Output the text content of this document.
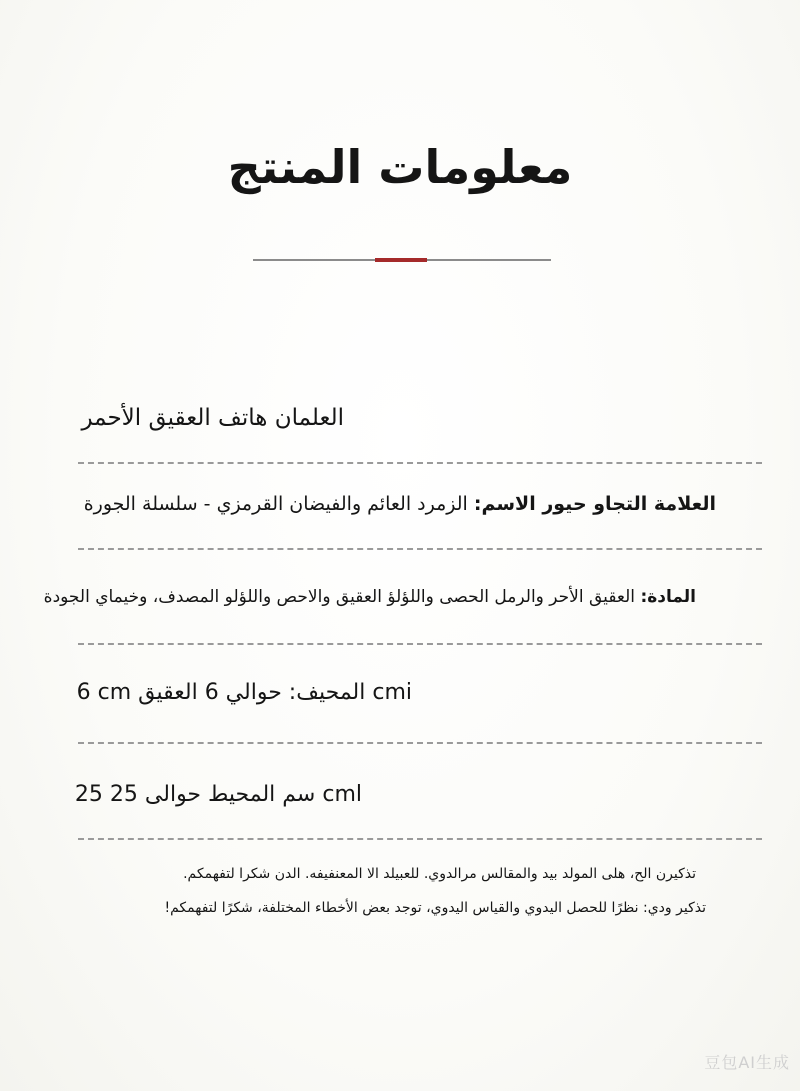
معلومات المنتج
العلمان هاتف العقيق الأحمر
العلامة التجاو حيور الاسم: الزمرد العائم والفيضان القرمزي - سلسلة الجورة
المادة: العقيق الأحر والرمل الحصى واللؤلؤ العقيق والاحص واللؤلو المصدف، وخيماي الجودة
6 cm المحيف: حوالي 6 العقيق cmi
25 سم المحيط حوالى 25 cml
تذكيرن الح، هلى المولد بيد والمقالس مرالدوي. للعبيلد الا المعنفيفه. الدن شكرا لتفهمكم.
تذكير ودي: نظرًا للحصل اليدوي والقياس اليدوي، توجد بعض الأخطاء المختلفة، شكرًا لتفهمكم!
豆包AI生成
